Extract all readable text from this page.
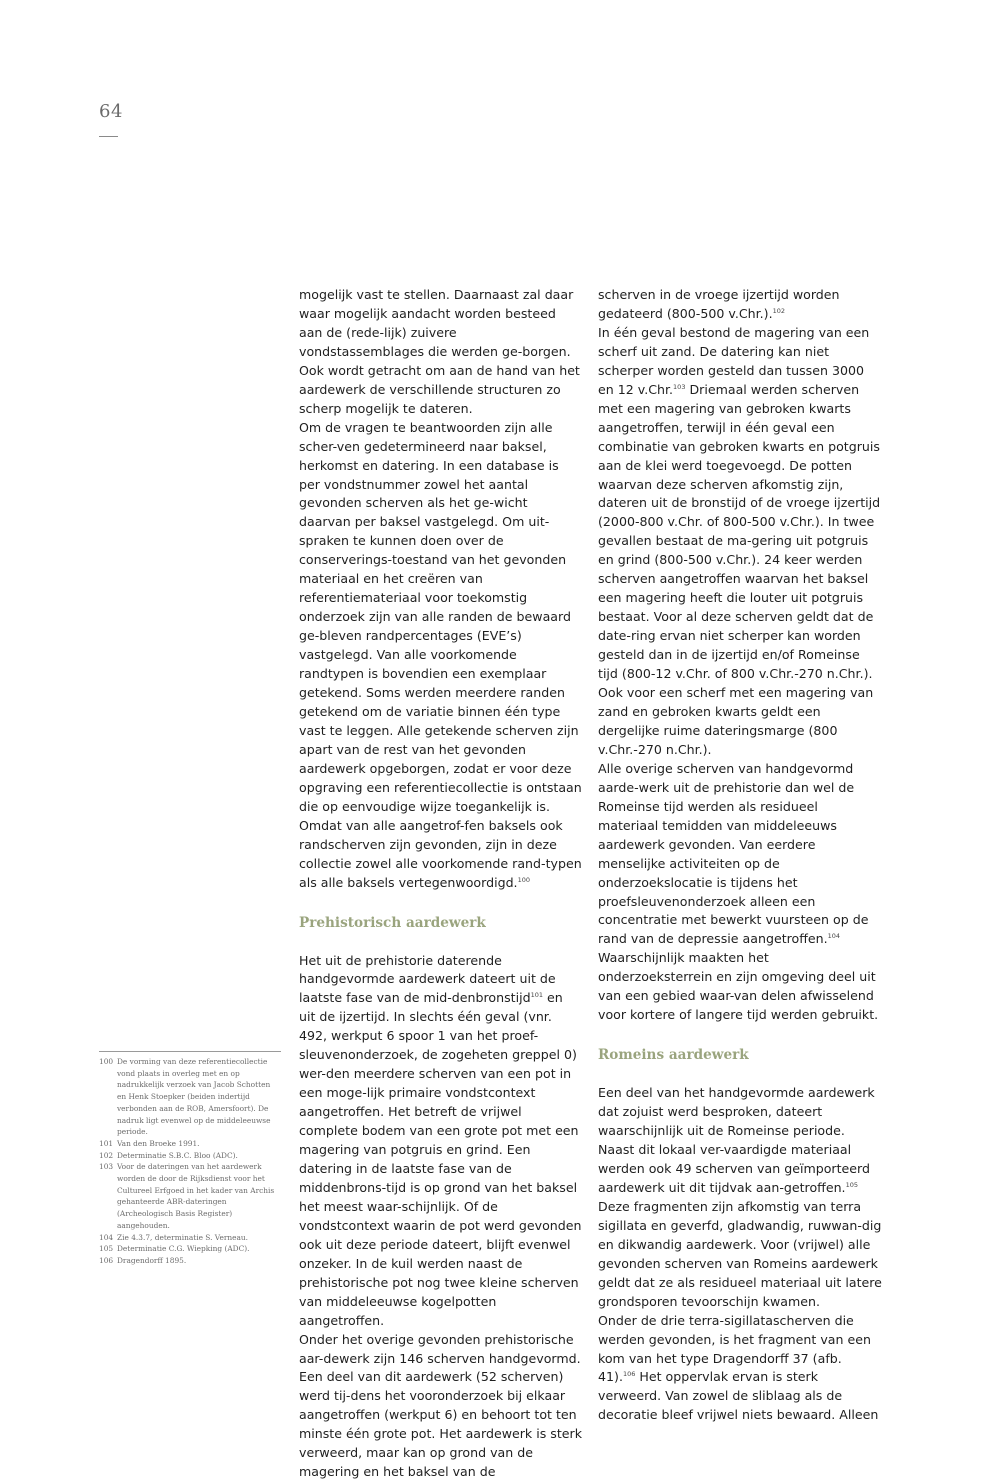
64

mogelijk vast te stellen. Daarnaast zal daar waar mogelijk aandacht worden besteed aan de (rede-lijk) zuivere vondstassemblages die werden ge-borgen. Ook wordt getracht om aan de hand van het aardewerk de verschillende structuren zo scherp mogelijk te dateren.

Om de vragen te beantwoorden zijn alle scher-ven gedetermineerd naar baksel, herkomst en datering. In een database is per vondstnummer zowel het aantal gevonden scherven als het ge-wicht daarvan per baksel vastgelegd. Om uit-spraken te kunnen doen over de conserverings-toestand van het gevonden materiaal en het creëren van referentiemateriaal voor toekomstig onderzoek zijn van alle randen de bewaard ge-bleven randpercentages (EVE’s) vastgelegd. Van alle voorkomende randtypen is bovendien een exemplaar getekend. Soms werden meerdere randen getekend om de variatie binnen één type vast te leggen. Alle getekende scherven zijn apart van de rest van het gevonden aardewerk opgeborgen, zodat er voor deze opgraving een referentiecollectie is ontstaan die op eenvoudige wijze toegankelijk is. Omdat van alle aangetrof-fen baksels ook randscherven zijn gevonden, zijn in deze collectie zowel alle voorkomende rand-typen als alle baksels vertegenwoordigd.$^{100}$

Prehistorisch aardewerk

Het uit de prehistorie daterende handgevormde aardewerk dateert uit de laatste fase van de mid-denbronstijd$^{101}$ en uit de ijzertijd. In slechts één geval (vnr. 492, werkput 6 spoor 1 van het proef-sleuvenonderzoek, de zogeheten greppel 0) wer-den meerdere scherven van een pot in een moge-lijk primaire vondstcontext aangetroffen. Het betreft de vrijwel complete bodem van een grote pot met een magering van potgruis en grind. Een datering in de laatste fase van de middenbrons-tijd is op grond van het baksel het meest waar-schijnlijk. Of de vondstcontext waarin de pot werd gevonden ook uit deze periode dateert, blijft evenwel onzeker. In de kuil werden naast de prehistorische pot nog twee kleine scherven van middeleeuwse kogelpotten aangetroffen.

Onder het overige gevonden prehistorische aar-dewerk zijn 146 scherven handgevormd. Een deel van dit aardewerk (52 scherven) werd tij-dens het vooronderzoek bij elkaar aangetroffen (werkput 6) en behoort tot ten minste één grote pot. Het aardewerk is sterk verweerd, maar kan op grond van de magering en het baksel van de

scherven in de vroege ijzertijd worden gedateerd (800-500 v.Chr.).$^{102}$

In één geval bestond de magering van een scherf uit zand. De datering kan niet scherper worden gesteld dan tussen 3000 en 12 v.Chr.$^{103}$ Driemaal werden scherven met een magering van gebroken kwarts aangetroffen, terwijl in één geval een combinatie van gebroken kwarts en potgruis aan de klei werd toegevoegd. De potten waarvan deze scherven afkomstig zijn, dateren uit de bronstijd of de vroege ijzertijd (2000-800 v.Chr. of 800-500 v.Chr.). In twee gevallen bestaat de ma-gering uit potgruis en grind (800-500 v.Chr.). 24 keer werden scherven aangetroffen waarvan het baksel een magering heeft die louter uit potgruis bestaat. Voor al deze scherven geldt dat de date-ring ervan niet scherper kan worden gesteld dan in de ijzertijd en/of Romeinse tijd (800-12 v.Chr. of 800 v.Chr.-270 n.Chr.). Ook voor een scherf met een magering van zand en gebroken kwarts geldt een dergelijke ruime dateringsmarge (800 v.Chr.-270 n.Chr.).

Alle overige scherven van handgevormd aarde-werk uit de prehistorie dan wel de Romeinse tijd werden als residueel materiaal temidden van middeleeuws aardewerk gevonden. Van eerdere menselijke activiteiten op de onderzoekslocatie is tijdens het proefsleuvenonderzoek alleen een concentratie met bewerkt vuursteen op de rand van de depressie aangetroffen.$^{104}$

Waarschijnlijk maakten het onderzoeksterrein en zijn omgeving deel uit van een gebied waar-van delen afwisselend voor kortere of langere tijd werden gebruikt.

Romeins aardewerk

Een deel van het handgevormde aardewerk dat zojuist werd besproken, dateert waarschijnlijk uit de Romeinse periode. Naast dit lokaal ver-vaardigde materiaal werden ook 49 scherven van geïmporteerd aardewerk uit dit tijdvak aan-getroffen.$^{105}$ Deze fragmenten zijn afkomstig van terra sigillata en geverfd, gladwandig, ruwwan-dig en dikwandig aardewerk. Voor (vrijwel) alle gevonden scherven van Romeins aardewerk geldt dat ze als residueel materiaal uit latere grondsporen tevoorschijn kwamen.

Onder de drie terra-sigillatascherven die werden gevonden, is het fragment van een kom van het type Dragendorff 37 (afb. 41).$^{106}$ Het oppervlak ervan is sterk verweerd. Van zowel de sliblaag als de decoratie bleef vrijwel niets bewaard. Alleen

100 De vorming van deze referentiecollectie vond plaats in overleg met en op nadrukkelijk verzoek van Jacob Schotten en Henk Stoepker (beiden indertijd verbonden aan de ROB, Amersfoort). De nadruk ligt evenwel op de middeleeuwse periode.
101 Van den Broeke 1991.
102 Determinatie S.B.C. Bloo (ADC).
103 Voor de dateringen van het aardewerk worden de door de Rijksdienst voor het Cultureel Erfgoed in het kader van Archis gehanteerde ABR-dateringen (Archeologisch Basis Register) aangehouden.
104 Zie 4.3.7, determinatie S. Verneau.
105 Determinatie C.G. Wiepking (ADC).
106 Dragendorff 1895.
